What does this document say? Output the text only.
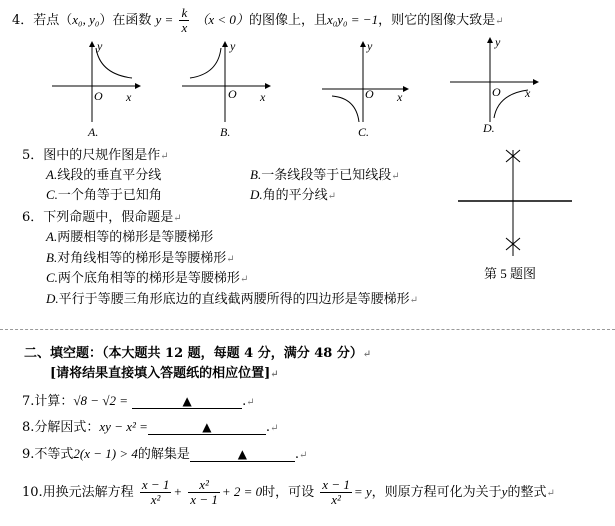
4．若点（x₀, y₀）在函数 $y = \frac{k}{x} (x < 0)$的图像上，且x₀y₀ = −1，则它的图像大致是↵
y
O x
A.
y
O x
B.
y
O x
C.
y
O x
D.
5．图中的尺规作图是作↵
A.线段的垂直平分线	B.一条线段等于已知线段↵
C.一个角等于已知角	D.角的平分线↵
第 5 题图
6．下列命题中，假命题是↵
A.两腰相等的梯形是等腰梯形
B.对角线相等的梯形是等腰梯形↵
C.两个底角相等的梯形是等腰梯形↵
D.平行于等腰三角形底边的直线截两腰所得的四边形是等腰梯形↵
二、填空题：（本大题共 12 题，每题 4 分，满分 48 分）↵
[请将结果直接填入答题纸的相应位置]↵
7.计算：√8 − √2 =	▲	.↵
8.分解因式：xy − x² =	▲	.↵
9.不等式2(x − 1) > 4的解集是	▲	.↵
10.用换元法解方程 $\frac{x - 1}{\text{x²}} + \frac{\text{x²}}{x - 1} + 2 = 0$时，可设 $\frac{x - 1}{\text{x²}} = y$，则原方程可化为关于y的整式↵
